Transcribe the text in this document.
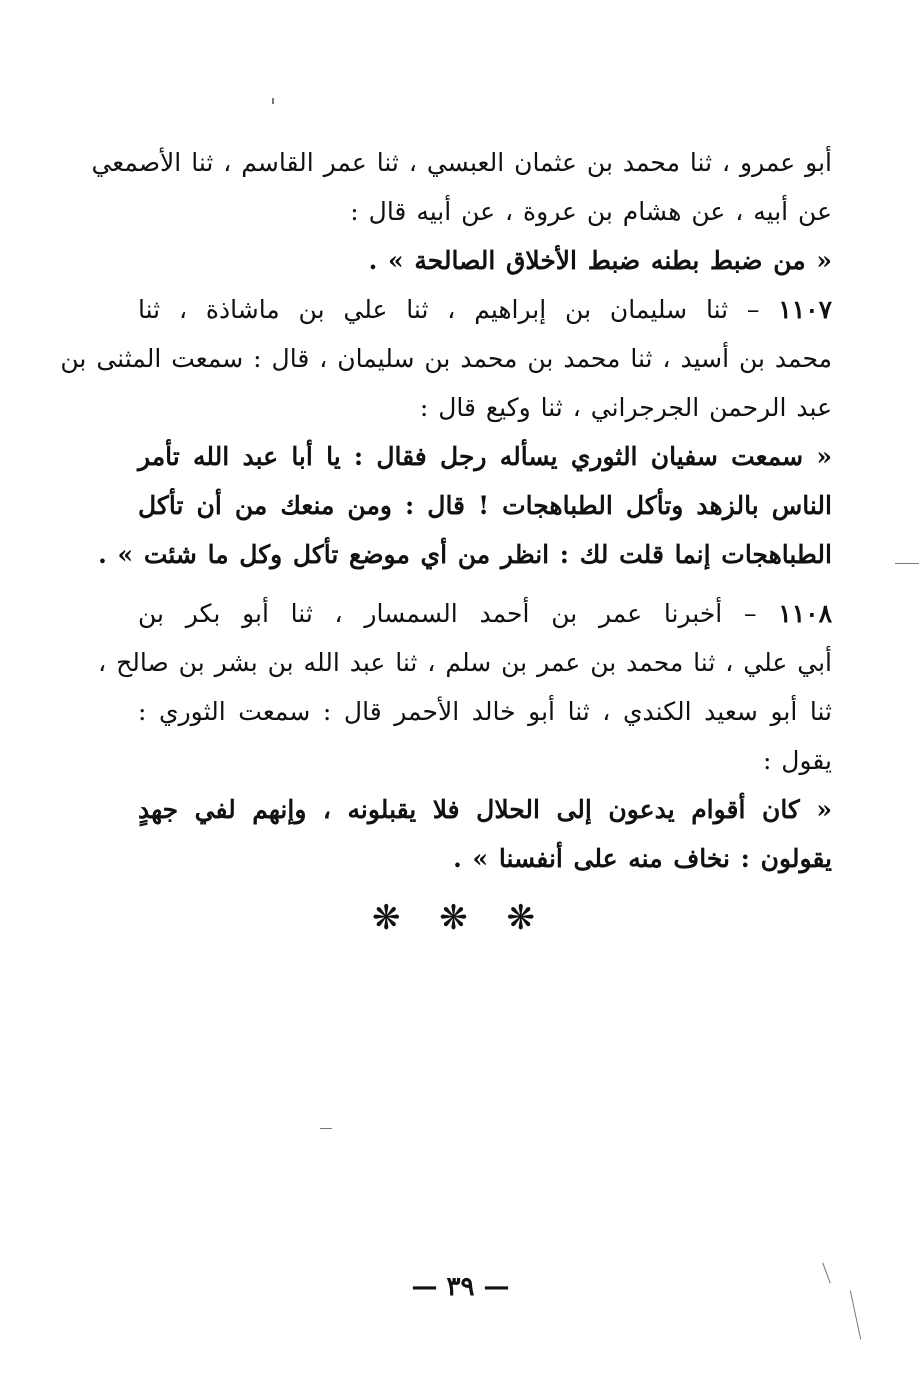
أبو عمرو ، ثنا محمد بن عثمان العبسي ، ثنا عمر القاسم ، ثنا الأصمعي
عن أبيه ، عن هشام بن عروة ، عن أبيه قال :
« من ضبط بطنه ضبط الأخلاق الصالحة » .
١١٠٧ – ثنا سليمان بن إبراهيم ، ثنا علي بن ماشاذة ، ثنا
محمد بن أسيد ، ثنا محمد بن محمد بن سليمان ، قال : سمعت المثنى بن
عبد الرحمن الجرجراني ، ثنا وكيع قال :
« سمعت سفيان الثوري يسأله رجل فقال : يا أبا عبد الله تأمر
الناس بالزهد وتأكل الطباهجات ! قال : ومن منعك من أن تأكل
الطباهجات إنما قلت لك : انظر من أي موضع تأكل وكل ما شئت » .
١١٠٨ – أخبرنا عمر بن أحمد السمسار ، ثنا أبو بكر بن
أبي علي ، ثنا محمد بن عمر بن سلم ، ثنا عبد الله بن بشر بن صالح ،
ثنا أبو سعيد الكندي ، ثنا أبو خالد الأحمر قال : سمعت الثوري :
يقول :
« كان أقوام يدعون إلى الحلال فلا يقبلونه ، وإنهم لفي جهدٍ
يقولون : نخاف منه على أنفسنا » .
❋ ❋ ❋
— ٣٩ —
